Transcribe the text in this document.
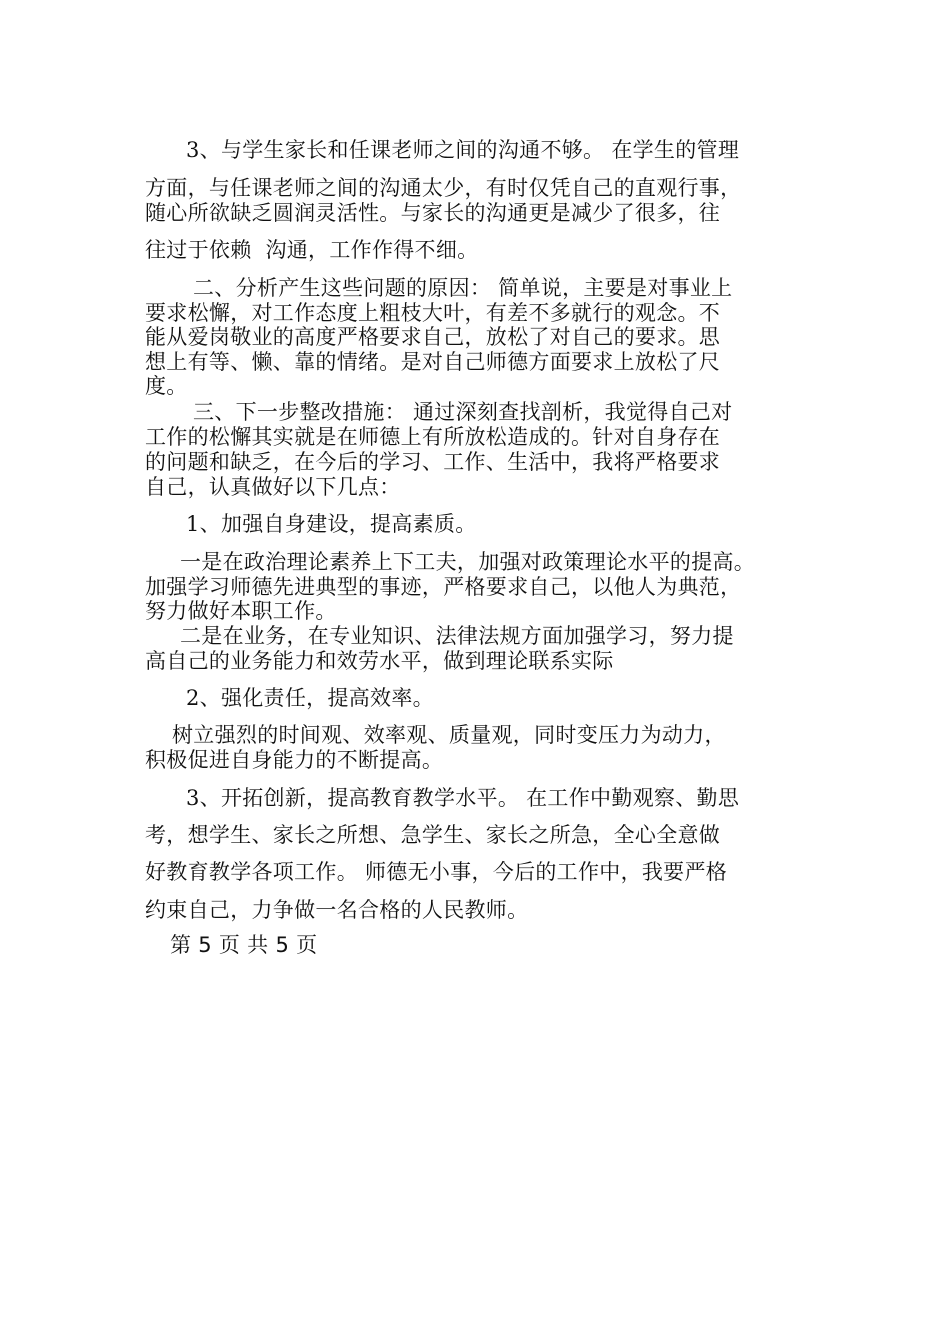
3、与学生家长和任课老师之间的沟通不够。 在学生的管理
方面，与任课老师之间的沟通太少，有时仅凭自己的直观行事，
随心所欲缺乏圆润灵活性。与家长的沟通更是减少了很多，往
往过于依赖  沟通，工作作得不细。
二、分析产生这些问题的原因： 简单说，主要是对事业上
要求松懈，对工作态度上粗枝大叶，有差不多就行的观念。不
能从爱岗敬业的高度严格要求自己，放松了对自己的要求。思
想上有等、懒、靠的情绪。是对自己师德方面要求上放松了尺
度。
三、下一步整改措施： 通过深刻查找剖析，我觉得自己对
工作的松懈其实就是在师德上有所放松造成的。针对自身存在
的问题和缺乏，在今后的学习、工作、生活中，我将严格要求
自己，认真做好以下几点：
1、加强自身建设，提高素质。
一是在政治理论素养上下工夫，加强对政策理论水平的提高。
加强学习师德先进典型的事迹，严格要求自己，以他人为典范，
努力做好本职工作。
二是在业务，在专业知识、法律法规方面加强学习，努力提
高自己的业务能力和效劳水平，做到理论联系实际
2、强化责任，提高效率。
树立强烈的时间观、效率观、质量观，同时变压力为动力，
积极促进自身能力的不断提高。
3、开拓创新，提高教育教学水平。 在工作中勤观察、勤思
考，想学生、家长之所想、急学生、家长之所急，全心全意做
好教育教学各项工作。 师德无小事，今后的工作中，我要严格
约束自己，力争做一名合格的人民教师。
第 5 页 共 5 页
